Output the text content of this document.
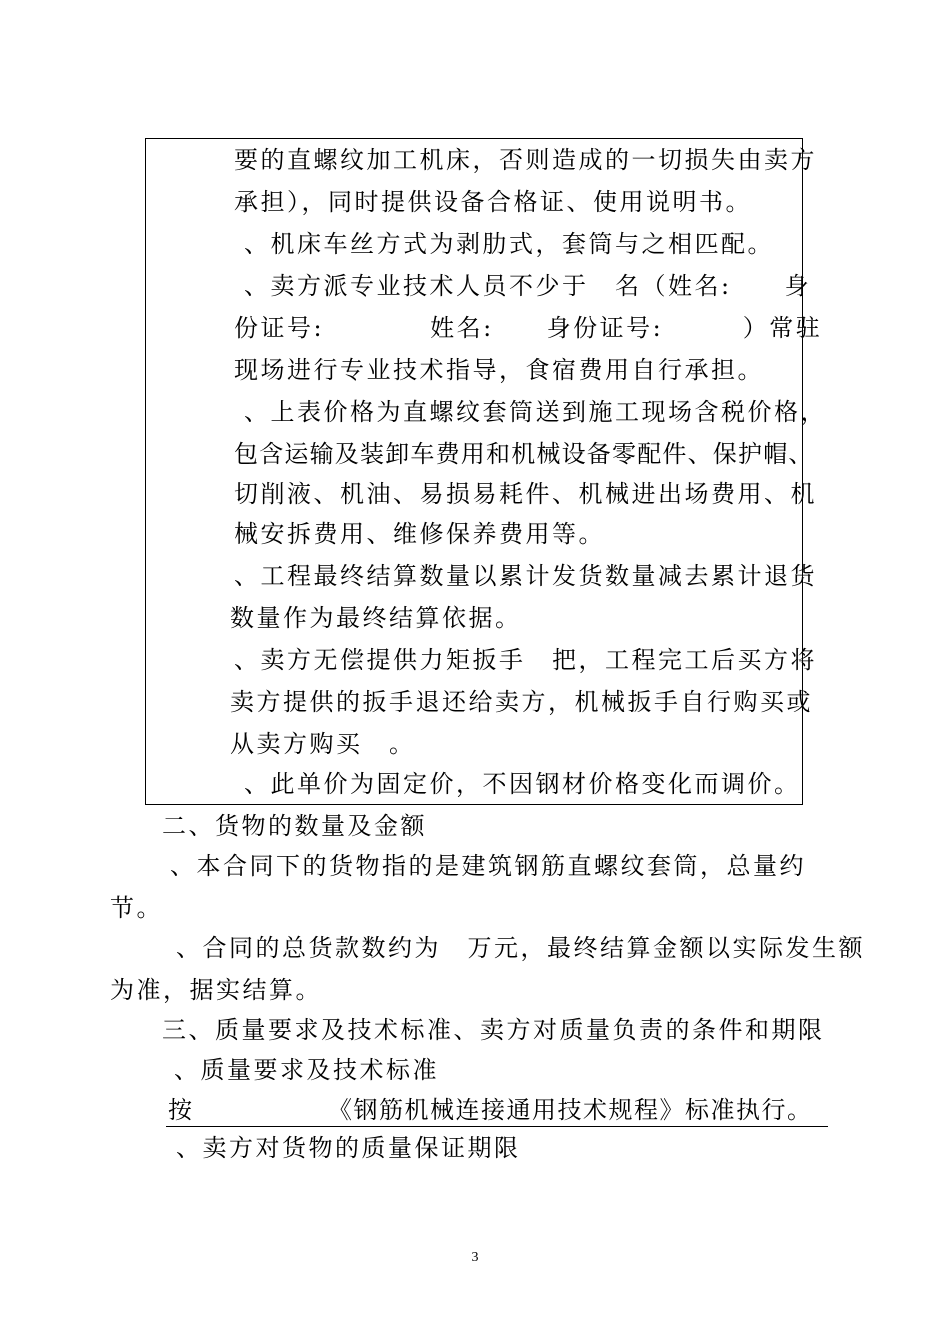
要的直螺纹加工机床，否则造成的一切损失由卖方
承担），同时提供设备合格证、使用说明书。
、机床车丝方式为剥肋式，套筒与之相匹配。
、卖方派专业技术人员不少于　名（姓名:　　身
份证号:　　　　姓名:　　身份证号:　　　）常驻
现场进行专业技术指导，食宿费用自行承担。
、上表价格为直螺纹套筒送到施工现场含税价格，
包含运输及装卸车费用和机械设备零配件、保护帽、
切削液、机油、易损易耗件、机械进出场费用、机
械安拆费用、维修保养费用等。
、工程最终结算数量以累计发货数量减去累计退货
数量作为最终结算依据。
、卖方无偿提供力矩扳手　把，工程完工后买方将
卖方提供的扳手退还给卖方，机械扳手自行购买或
从卖方购买　。
、此单价为固定价，不因钢材价格变化而调价。
二、货物的数量及金额
、本合同下的货物指的是建筑钢筋直螺纹套筒，总量约
节。
、合同的总货款数约为　万元，最终结算金额以实际发生额
为准，据实结算。
三、质量要求及技术标准、卖方对质量负责的条件和期限
、质量要求及技术标准
按	《钢筋机械连接通用技术规程》标准执行。
、卖方对货物的质量保证期限
3
